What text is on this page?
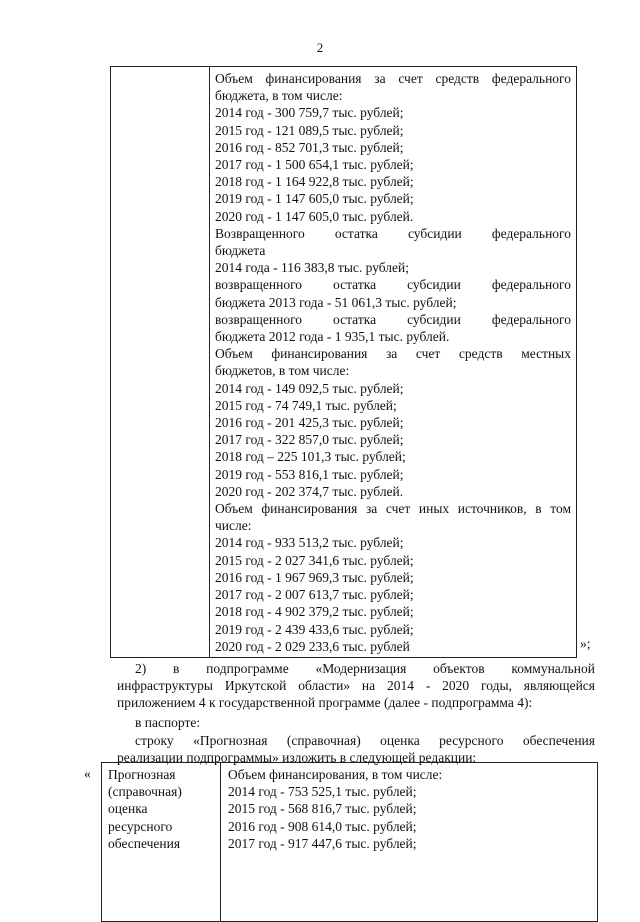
2
Объем финансирования за счет средств федерального
бюджета, в том числе:
2014 год - 300 759,7 тыс. рублей;
2015 год - 121 089,5 тыс. рублей;
2016 год - 852 701,3 тыс. рублей;
2017 год - 1 500 654,1 тыс. рублей;
2018 год - 1 164 922,8 тыс. рублей;
2019 год - 1 147 605,0 тыс. рублей;
2020 год - 1 147 605,0 тыс. рублей.
Возвращенного остатка субсидии федерального
бюджета
2014 года - 116 383,8 тыс. рублей;
возвращенного остатка субсидии федерального
бюджета 2013 года - 51 061,3 тыс. рублей;
возвращенного остатка субсидии федерального
бюджета 2012 года - 1 935,1 тыс. рублей.
Объем финансирования за счет средств местных
бюджетов, в том числе:
2014 год - 149 092,5 тыс. рублей;
2015 год - 74 749,1 тыс. рублей;
2016 год - 201 425,3 тыс. рублей;
2017 год - 322 857,0 тыс. рублей;
2018 год – 225 101,3 тыс. рублей;
2019 год - 553 816,1 тыс. рублей;
2020 год - 202 374,7 тыс. рублей.
Объем финансирования за счет иных источников, в том
числе:
2014 год - 933 513,2 тыс. рублей;
2015 год - 2 027 341,6 тыс. рублей;
2016 год - 1 967 969,3 тыс. рублей;
2017 год - 2 007 613,7 тыс. рублей;
2018 год - 4 902 379,2 тыс. рублей;
2019 год - 2 439 433,6 тыс. рублей;
2020 год - 2 029 233,6 тыс. рублей	»;
2) в подпрограмме «Модернизация объектов коммунальной
инфраструктуры Иркутской области» на 2014 - 2020 годы, являющейся
приложением 4 к государственной программе (далее - подпрограмма 4):
в паспорте:
строку «Прогнозная (справочная) оценка ресурсного обеспечения
реализации подпрограммы» изложить в следующей редакции:
« Прогнозная
(справочная)
оценка
ресурсного
обеспечения
Объем финансирования, в том числе:
2014 год - 753 525,1 тыс. рублей;
2015 год - 568 816,7 тыс. рублей;
2016 год - 908 614,0 тыс. рублей;
2017 год - 917 447,6 тыс. рублей;
